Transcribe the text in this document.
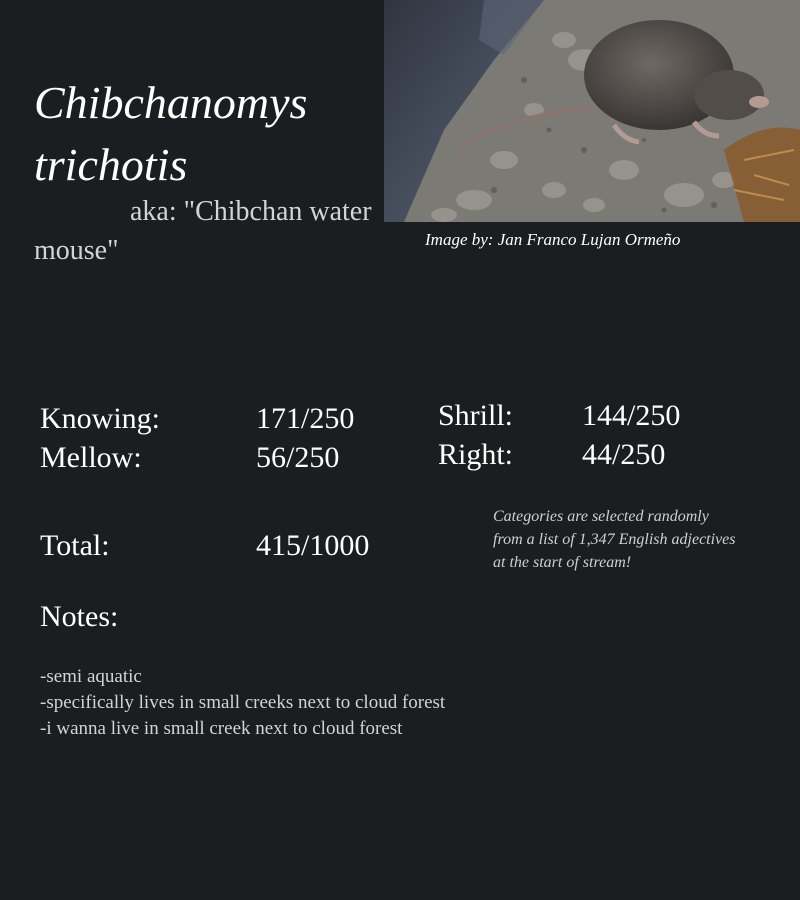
Chibchanomys trichotis
aka: "Chibchan water mouse"	Image by: Jan Franco Lujan Ormeño
Knowing:	171/250
Mellow:	56/250
Shrill: 144/250
Right: 44/250
Total:	415/1000
Categories are selected randomly from a list of 1,347 English adjectives at the start of stream!
Notes:
-semi aquatic
-specifically lives in small creeks next to cloud forest
-i wanna live in small creek next to cloud forest
